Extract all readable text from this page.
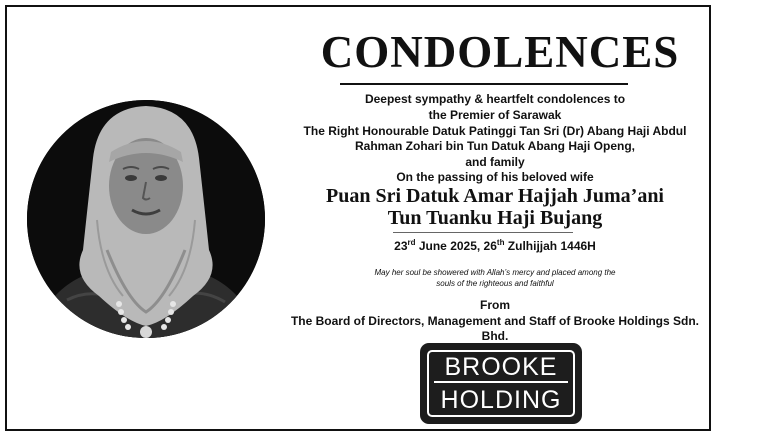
CONDOLENCES
Deepest sympathy & heartfelt condolences to
the Premier of Sarawak
The Right Honourable Datuk Patinggi Tan Sri (Dr) Abang Haji Abdul
Rahman Zohari bin Tun Datuk Abang Haji Openg,
and family
On the passing of his beloved wife
Puan Sri Datuk Amar Hajjah Juma’ani
Tun Tuanku Haji Bujang
23rd June 2025, 26th Zulhijjah 1446H
May her soul be showered with Allah’s mercy and placed among the
souls of the righteous and faithful
From
The Board of Directors, Management and Staff of Brooke Holdings Sdn.
Bhd.
BROOKE
HOLDING
